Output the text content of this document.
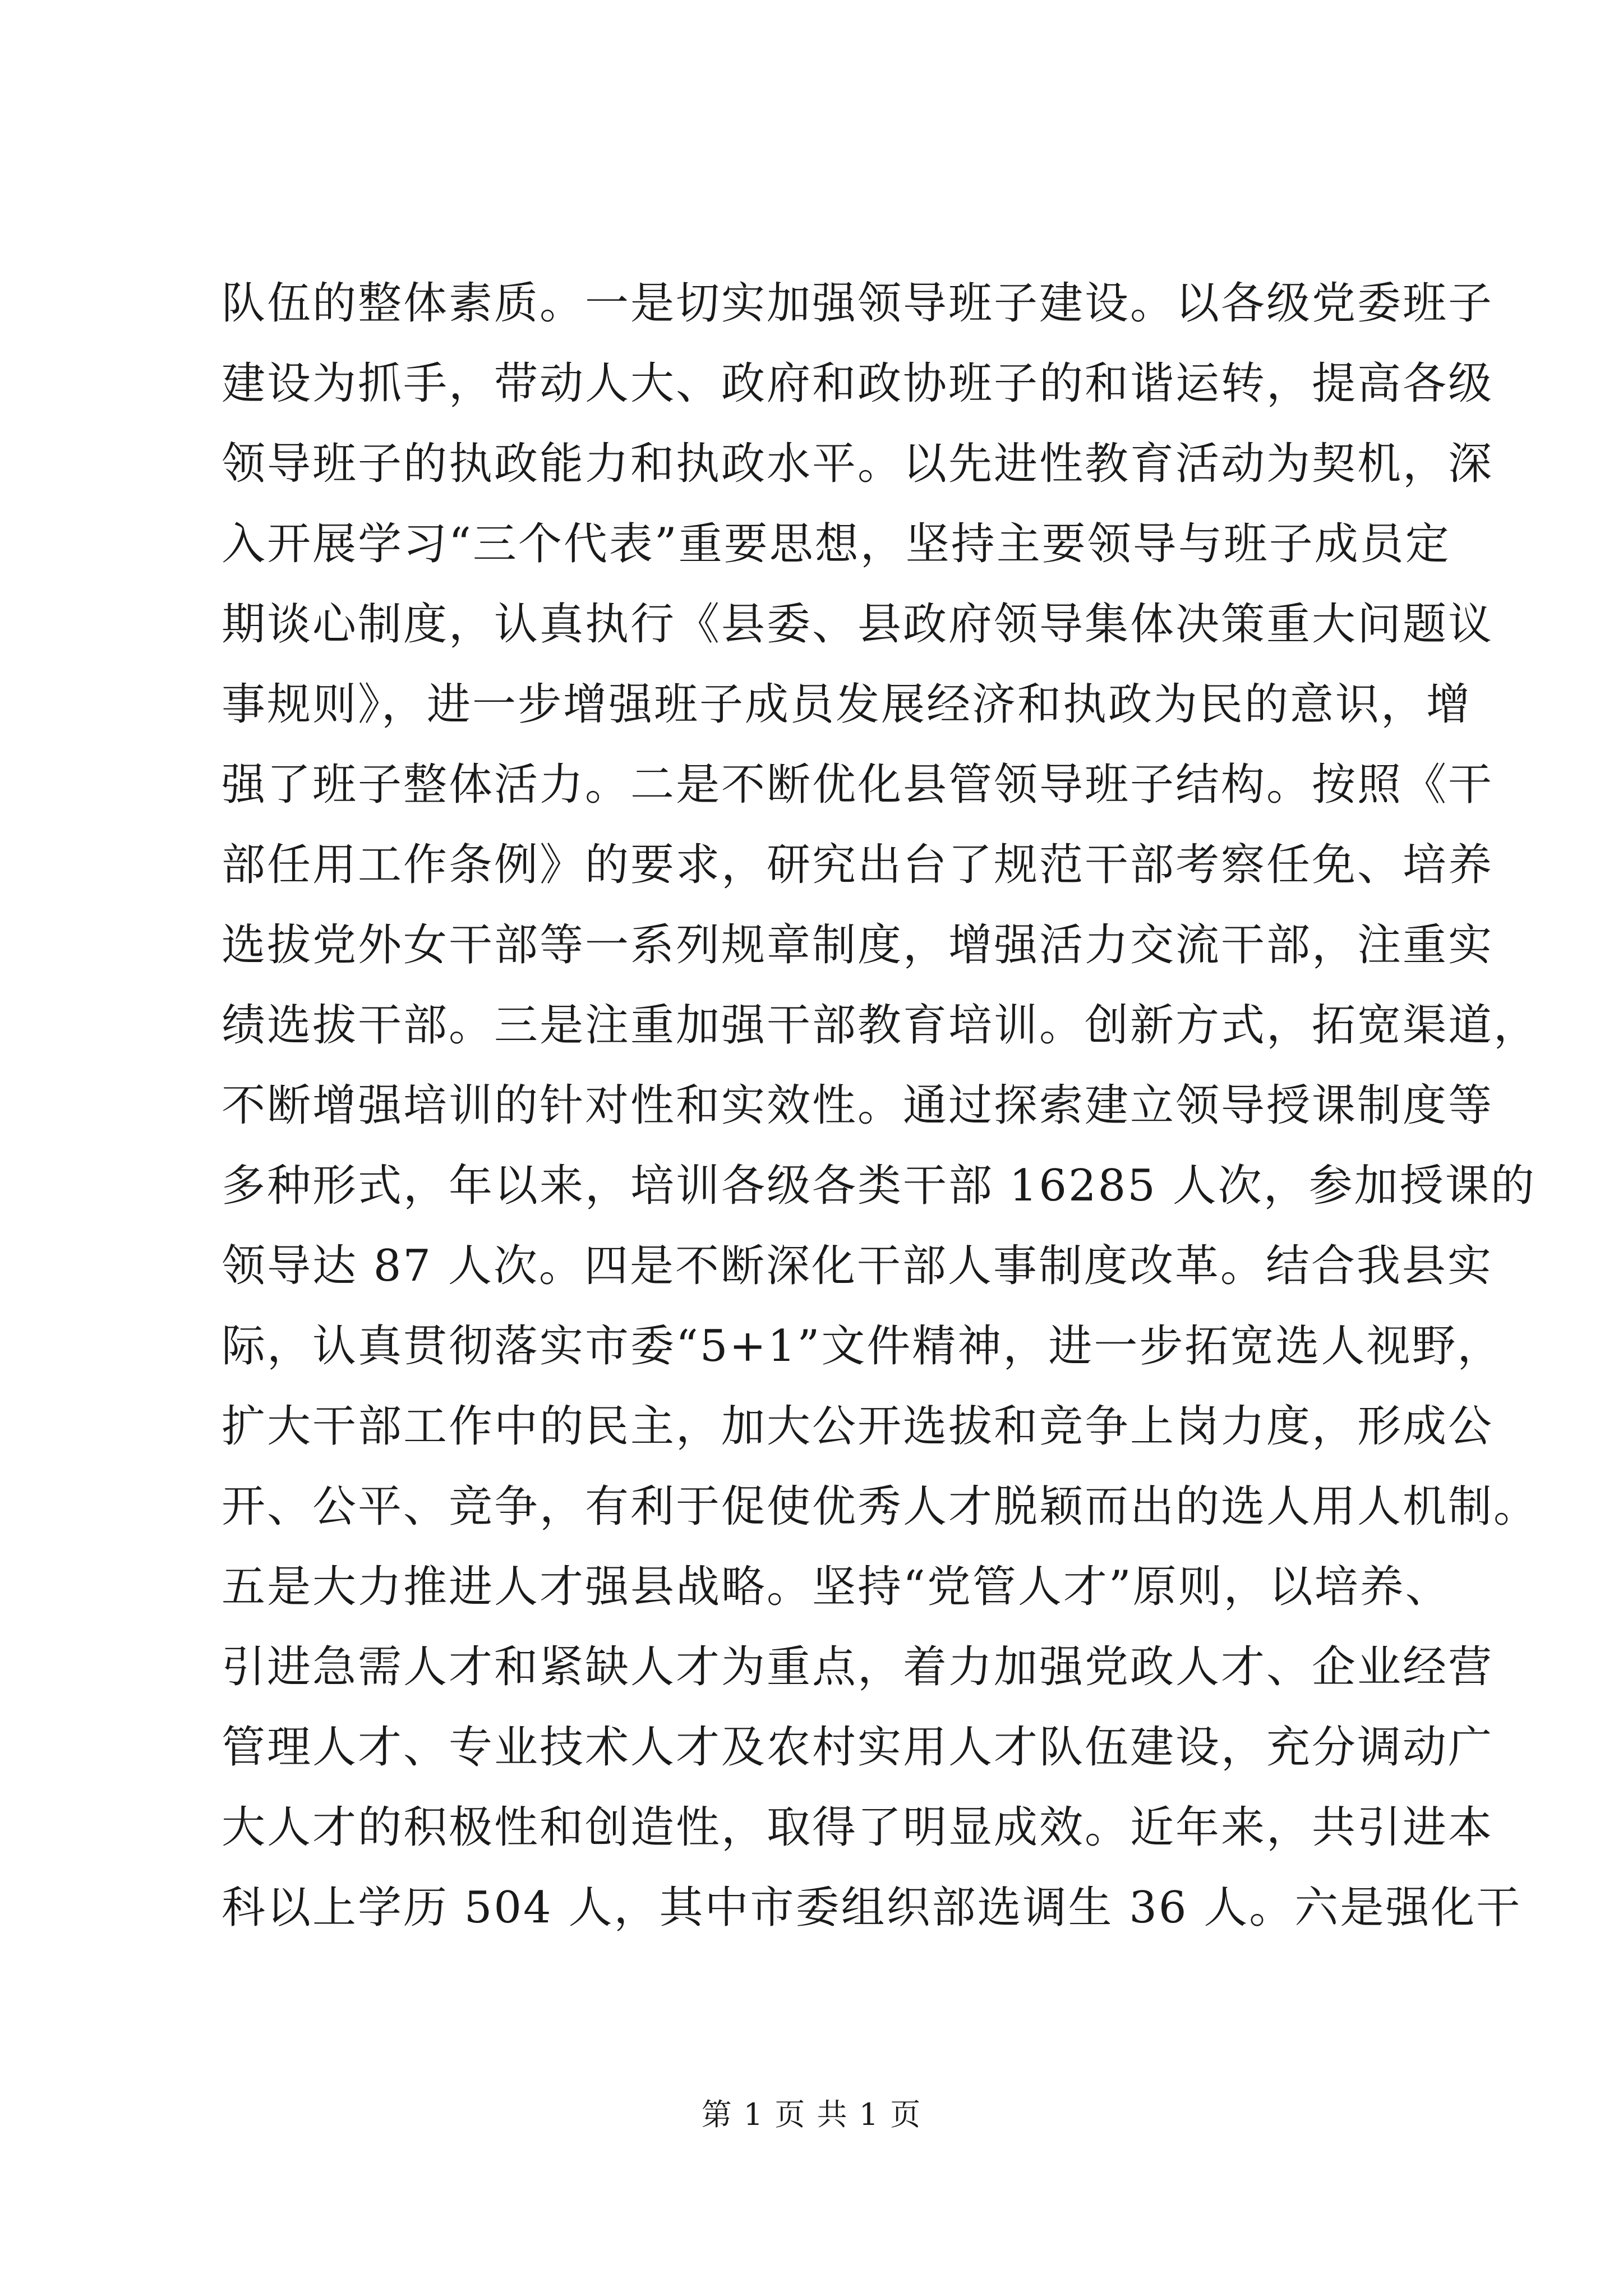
队伍的整体素质。一是切实加强领导班子建设。以各级党委班子
建设为抓手，带动人大、政府和政协班子的和谐运转，提高各级
领导班子的执政能力和执政水平。以先进性教育活动为契机，深
入开展学习“三个代表”重要思想，坚持主要领导与班子成员定
期谈心制度，认真执行《县委、县政府领导集体决策重大问题议
事规则》，进一步增强班子成员发展经济和执政为民的意识，增
强了班子整体活力。二是不断优化县管领导班子结构。按照《干
部任用工作条例》的要求，研究出台了规范干部考察任免、培养
选拔党外女干部等一系列规章制度，增强活力交流干部，注重实
绩选拔干部。三是注重加强干部教育培训。创新方式，拓宽渠道，
不断增强培训的针对性和实效性。通过探索建立领导授课制度等
多种形式，年以来，培训各级各类干部 16285 人次，参加授课的
领导达 87 人次。四是不断深化干部人事制度改革。结合我县实
际，认真贯彻落实市委“5+1”文件精神，进一步拓宽选人视野，
扩大干部工作中的民主，加大公开选拔和竞争上岗力度，形成公
开、公平、竞争，有利于促使优秀人才脱颖而出的选人用人机制。
五是大力推进人才强县战略。坚持“党管人才”原则，以培养、
引进急需人才和紧缺人才为重点，着力加强党政人才、企业经营
管理人才、专业技术人才及农村实用人才队伍建设，充分调动广
大人才的积极性和创造性，取得了明显成效。近年来，共引进本
科以上学历 504 人，其中市委组织部选调生 36 人。六是强化干
第 1 页 共 1 页
